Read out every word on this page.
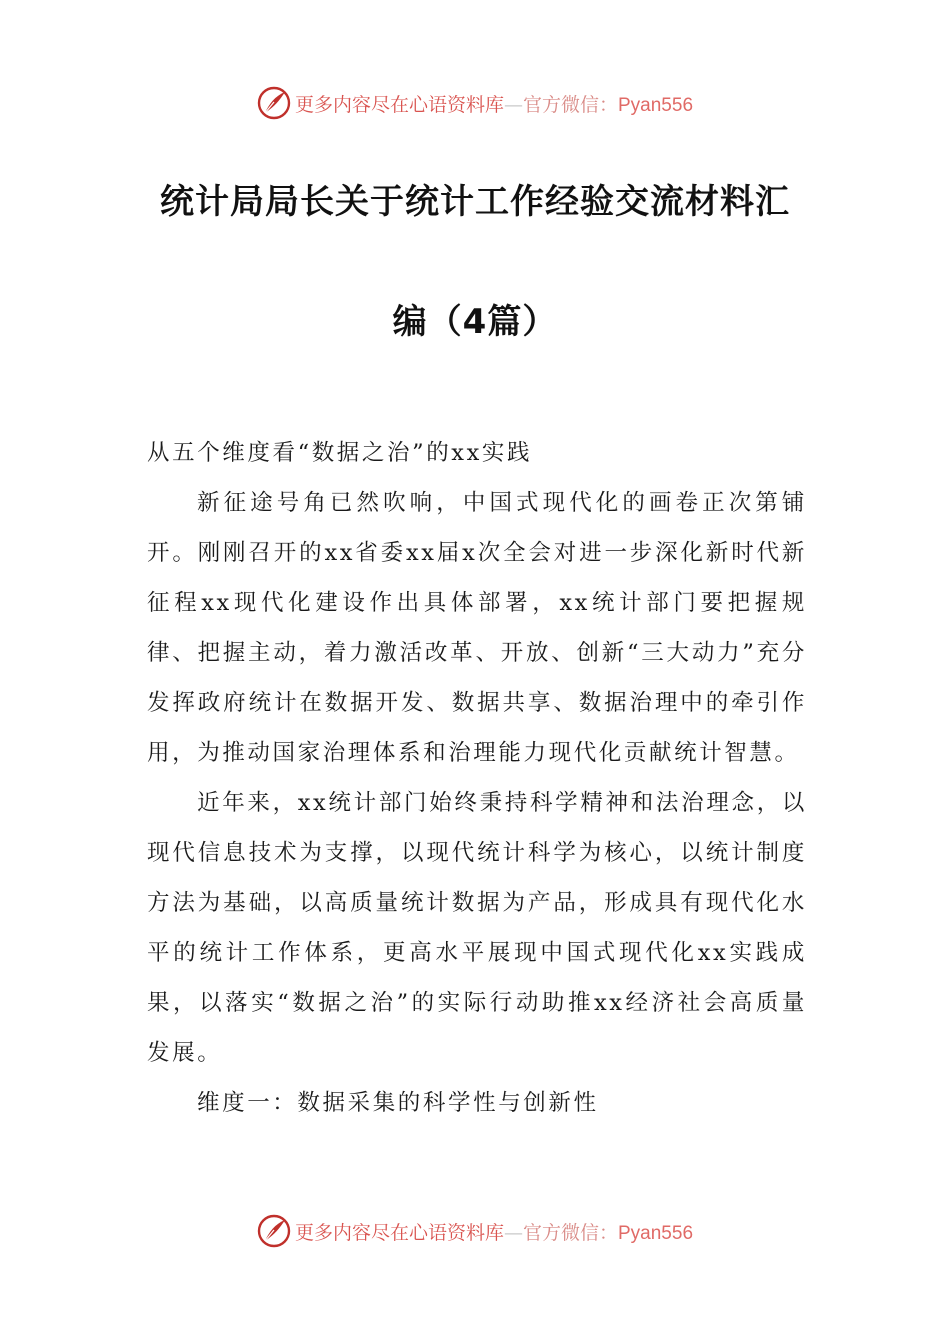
更多内容尽在心语资料库—官方微信：Pyan556
统计局局长关于统计工作经验交流材料汇
编（4篇）

从五个维度看“数据之治”的xx实践

新征途号角已然吹响，中国式现代化的画卷正次第铺开。刚刚召开的xx省委xx届x次全会对进一步深化新时代新征程xx现代化建设作出具体部署，xx统计部门要把握规律、把握主动，着力激活改革、开放、创新“三大动力”充分发挥政府统计在数据开发、数据共享、数据治理中的牵引作用，为推动国家治理体系和治理能力现代化贡献统计智慧。

近年来，xx统计部门始终秉持科学精神和法治理念，以现代信息技术为支撑，以现代统计科学为核心，以统计制度方法为基础，以高质量统计数据为产品，形成具有现代化水平的统计工作体系，更高水平展现中国式现代化xx实践成果，以落实“数据之治”的实际行动助推xx经济社会高质量发展。

维度一：数据采集的科学性与创新性

更多内容尽在心语资料库—官方微信：Pyan556
